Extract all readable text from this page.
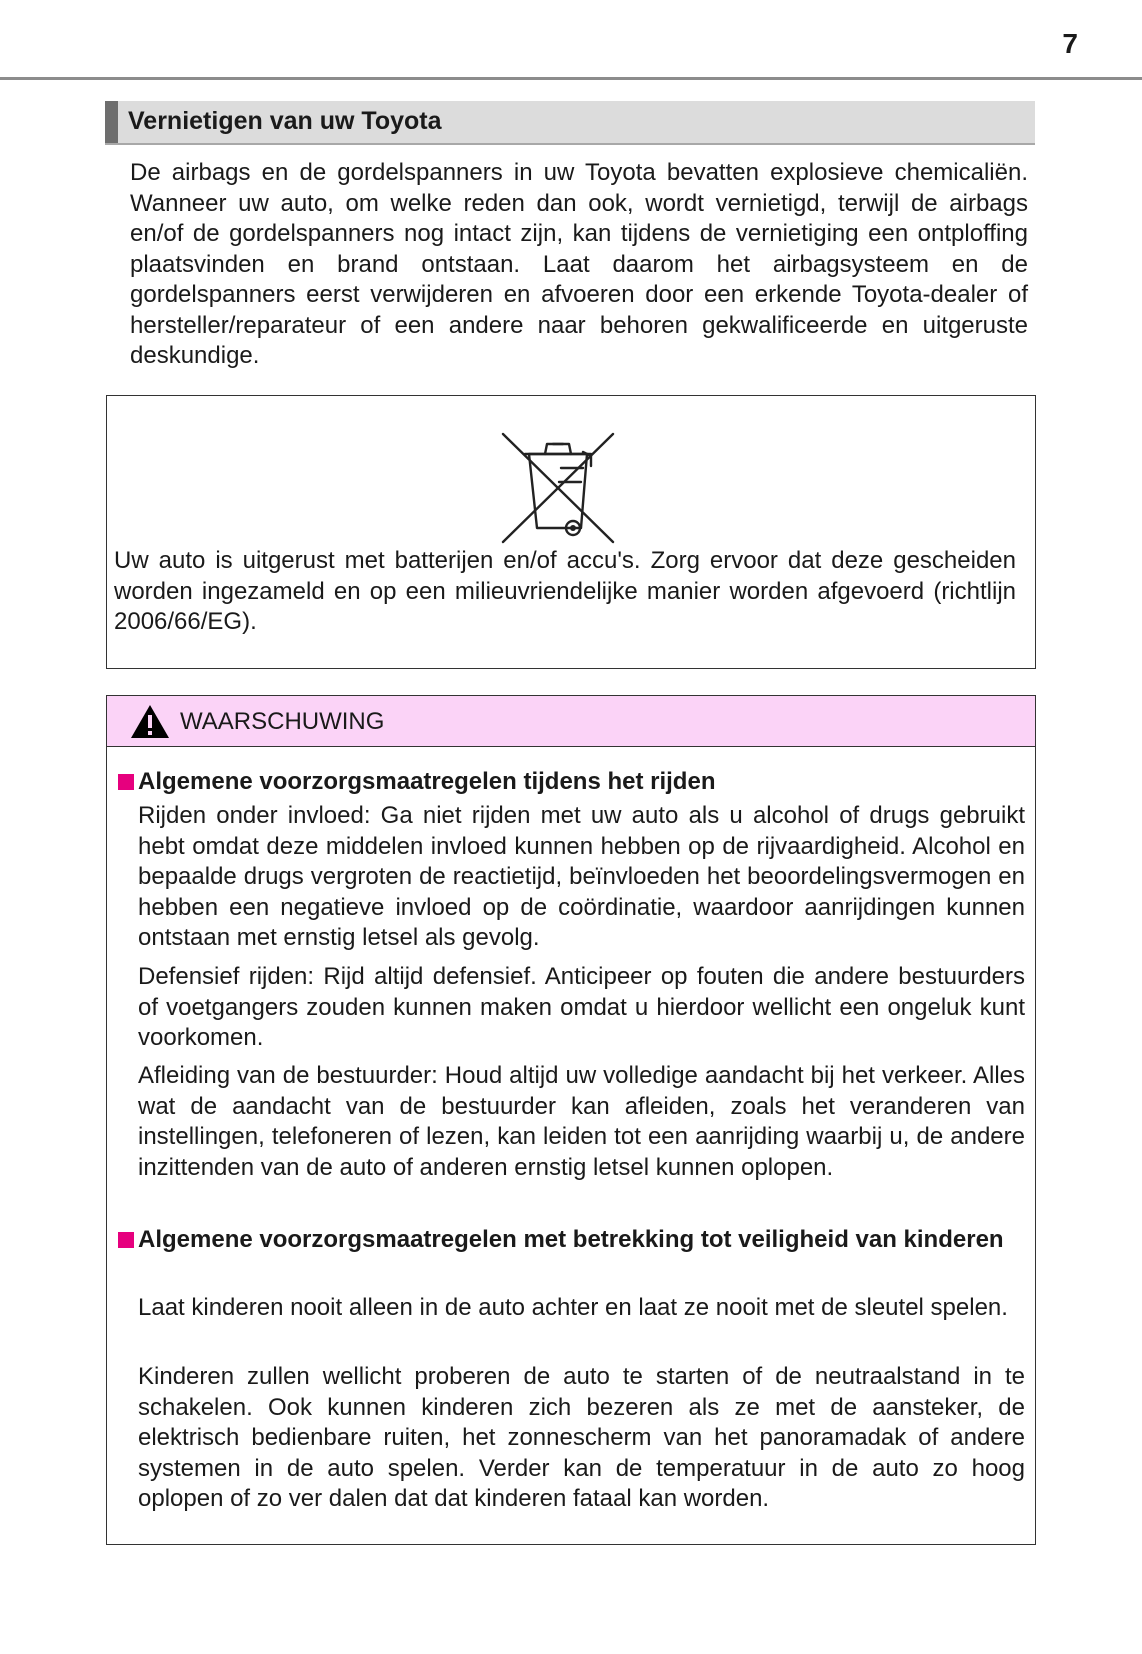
7
Vernietigen van uw Toyota

De airbags en de gordelspanners in uw Toyota bevatten explosieve chemicaliën. Wanneer uw auto, om welke reden dan ook, wordt vernietigd, terwijl de airbags en/of de gordelspanners nog intact zijn, kan tijdens de vernietiging een ontploffing plaatsvinden en brand ontstaan. Laat daarom het airbagsysteem en de gordelspanners eerst verwijderen en afvoeren door een erkende Toyota-dealer of hersteller/reparateur of een andere naar behoren gekwalificeerde en uitgeruste deskundige.

Uw auto is uitgerust met batterijen en/of accu's. Zorg ervoor dat deze gescheiden worden ingezameld en op een milieuvriendelijke manier worden afgevoerd (richtlijn 2006/66/EG).

WAARSCHUWING
Algemene voorzorgsmaatregelen tijdens het rijden

Rijden onder invloed: Ga niet rijden met uw auto als u alcohol of drugs gebruikt hebt omdat deze middelen invloed kunnen hebben op de rijvaardigheid. Alcohol en bepaalde drugs vergroten de reactietijd, beïnvloeden het beoordelingsvermogen en hebben een negatieve invloed op de coördinatie, waardoor aanrijdingen kunnen ontstaan met ernstig letsel als gevolg.

Defensief rijden: Rijd altijd defensief. Anticipeer op fouten die andere bestuurders of voetgangers zouden kunnen maken omdat u hierdoor wellicht een ongeluk kunt voorkomen.

Afleiding van de bestuurder: Houd altijd uw volledige aandacht bij het verkeer. Alles wat de aandacht van de bestuurder kan afleiden, zoals het veranderen van instellingen, telefoneren of lezen, kan leiden tot een aanrijding waarbij u, de andere inzittenden van de auto of anderen ernstig letsel kunnen oplopen.

Algemene voorzorgsmaatregelen met betrekking tot veiligheid van kinderen

Laat kinderen nooit alleen in de auto achter en laat ze nooit met de sleutel spelen.

Kinderen zullen wellicht proberen de auto te starten of de neutraalstand in te schakelen. Ook kunnen kinderen zich bezeren als ze met de aansteker, de elektrisch bedienbare ruiten, het zonnescherm van het panoramadak of andere systemen in de auto spelen. Verder kan de temperatuur in de auto zo hoog oplopen of zo ver dalen dat dat kinderen fataal kan worden.
